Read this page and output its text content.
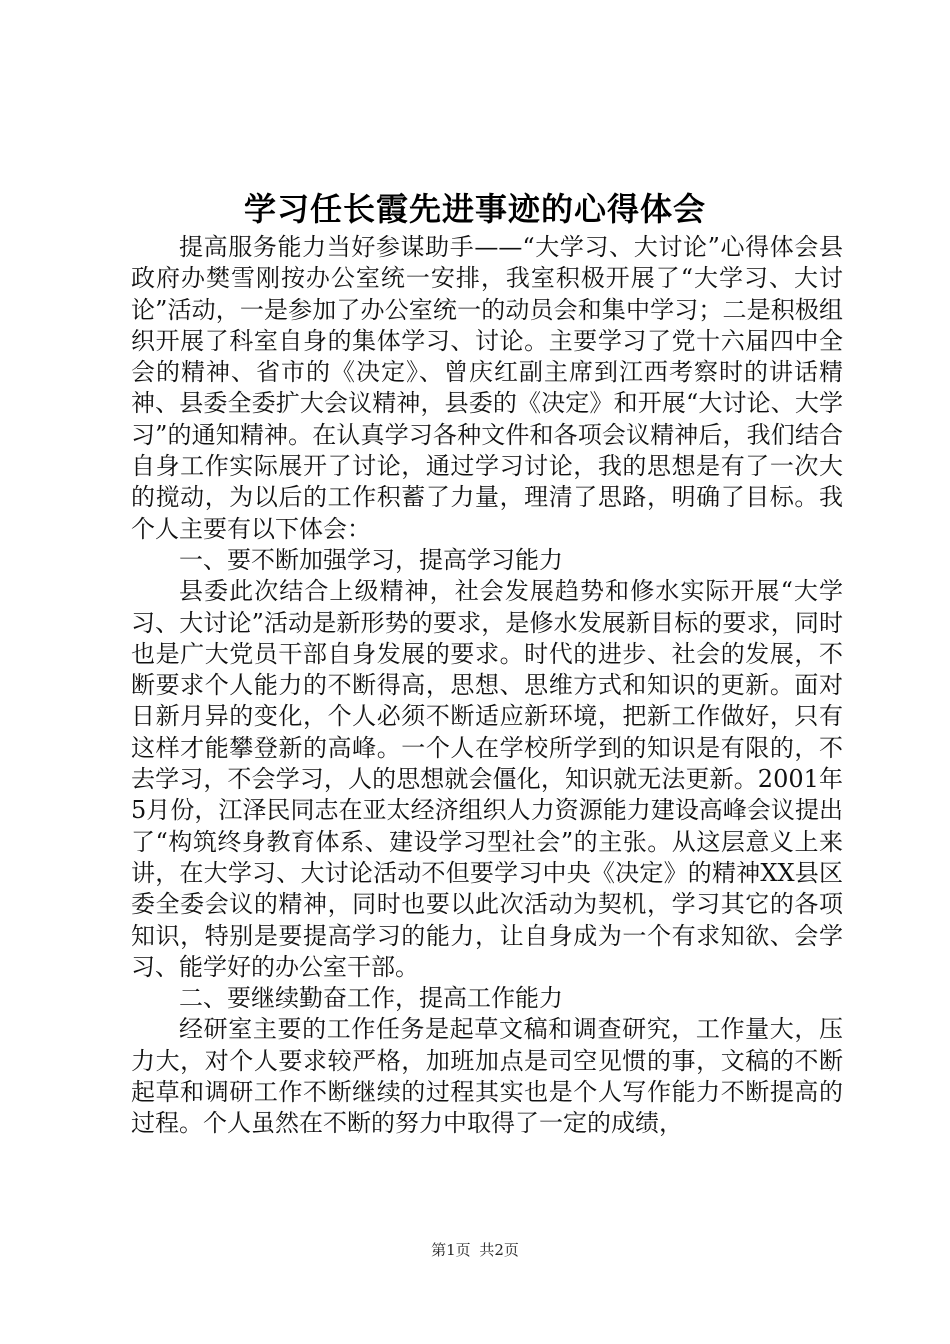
学习任长霞先进事迹的心得体会

提高服务能力当好参谋助手——“大学习、大讨论”心得体会县政府办樊雪刚按办公室统一安排，我室积极开展了“大学习、大讨论”活动，一是参加了办公室统一的动员会和集中学习；二是积极组织开展了科室自身的集体学习、讨论。主要学习了党十六届四中全会的精神、省市的《决定》、曾庆红副主席到江西考察时的讲话精神、县委全委扩大会议精神，县委的《决定》和开展“大讨论、大学习”的通知精神。在认真学习各种文件和各项会议精神后，我们结合自身工作实际展开了讨论，通过学习讨论，我的思想是有了一次大的搅动，为以后的工作积蓄了力量，理清了思路，明确了目标。我个人主要有以下体会：

一、要不断加强学习，提高学习能力

县委此次结合上级精神，社会发展趋势和修水实际开展“大学习、大讨论”活动是新形势的要求，是修水发展新目标的要求，同时也是广大党员干部自身发展的要求。时代的进步、社会的发展，不断要求个人能力的不断得高，思想、思维方式和知识的更新。面对日新月异的变化，个人必须不断适应新环境，把新工作做好，只有这样才能攀登新的高峰。一个人在学校所学到的知识是有限的，不去学习，不会学习，人的思想就会僵化，知识就无法更新。2001年5月份，江泽民同志在亚太经济组织人力资源能力建设高峰会议提出了“构筑终身教育体系、建设学习型社会”的主张。从这层意义上来讲，在大学习、大讨论活动不但要学习中央《决定》的精神XX县区委全委会议的精神，同时也要以此次活动为契机，学习其它的各项知识，特别是要提高学习的能力，让自身成为一个有求知欲、会学习、能学好的办公室干部。

二、要继续勤奋工作，提高工作能力

经研室主要的工作任务是起草文稿和调查研究，工作量大，压力大，对个人要求较严格，加班加点是司空见惯的事，文稿的不断起草和调研工作不断继续的过程其实也是个人写作能力不断提高的过程。个人虽然在不断的努力中取得了一定的成绩，

第1页 共2页
